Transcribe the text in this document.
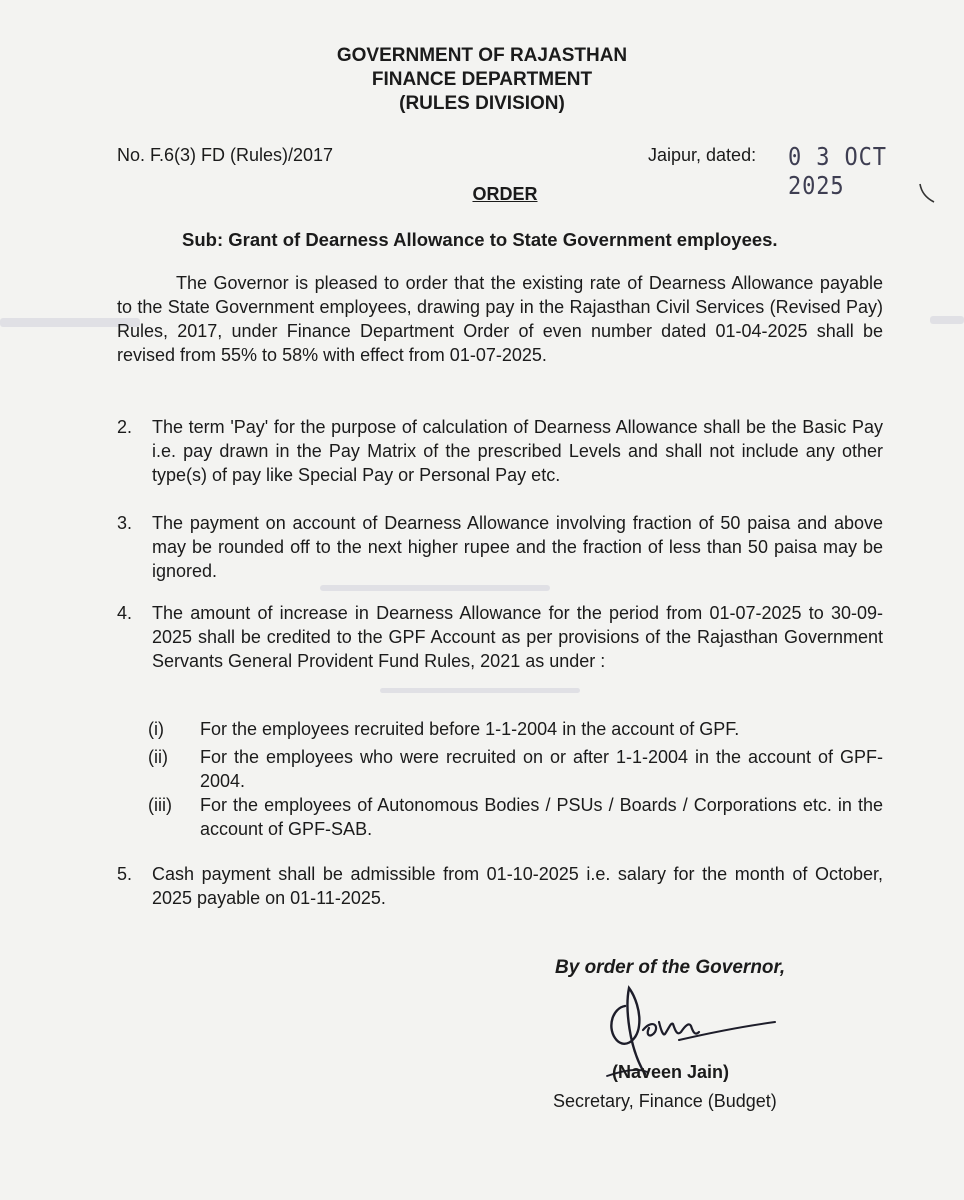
GOVERNMENT OF RAJASTHAN
FINANCE DEPARTMENT
(RULES DIVISION)
No. F.6(3) FD (Rules)/2017	Jaipur, dated: 0 3 OCT 2025
ORDER
Sub: Grant of Dearness Allowance to State Government employees.
The Governor is pleased to order that the existing rate of Dearness Allowance payable to the State Government employees, drawing pay in the Rajasthan Civil Services (Revised Pay) Rules, 2017, under Finance Department Order of even number dated 01-04-2025 shall be revised from 55% to 58% with effect from 01-07-2025.
2. The term 'Pay' for the purpose of calculation of Dearness Allowance shall be the Basic Pay i.e. pay drawn in the Pay Matrix of the prescribed Levels and shall not include any other type(s) of pay like Special Pay or Personal Pay etc.
3. The payment on account of Dearness Allowance involving fraction of 50 paisa and above may be rounded off to the next higher rupee and the fraction of less than 50 paisa may be ignored.
4. The amount of increase in Dearness Allowance for the period from 01-07-2025 to 30-09-2025 shall be credited to the GPF Account as per provisions of the Rajasthan Government Servants General Provident Fund Rules, 2021 as under :
(i) For the employees recruited before 1-1-2004 in the account of GPF.
(ii) For the employees who were recruited on or after 1-1-2004 in the account of GPF-2004.
(iii) For the employees of Autonomous Bodies / PSUs / Boards / Corporations etc. in the account of GPF-SAB.
5. Cash payment shall be admissible from 01-10-2025 i.e. salary for the month of October, 2025 payable on 01-11-2025.
By order of the Governor,
(Naveen Jain)
Secretary, Finance (Budget)
